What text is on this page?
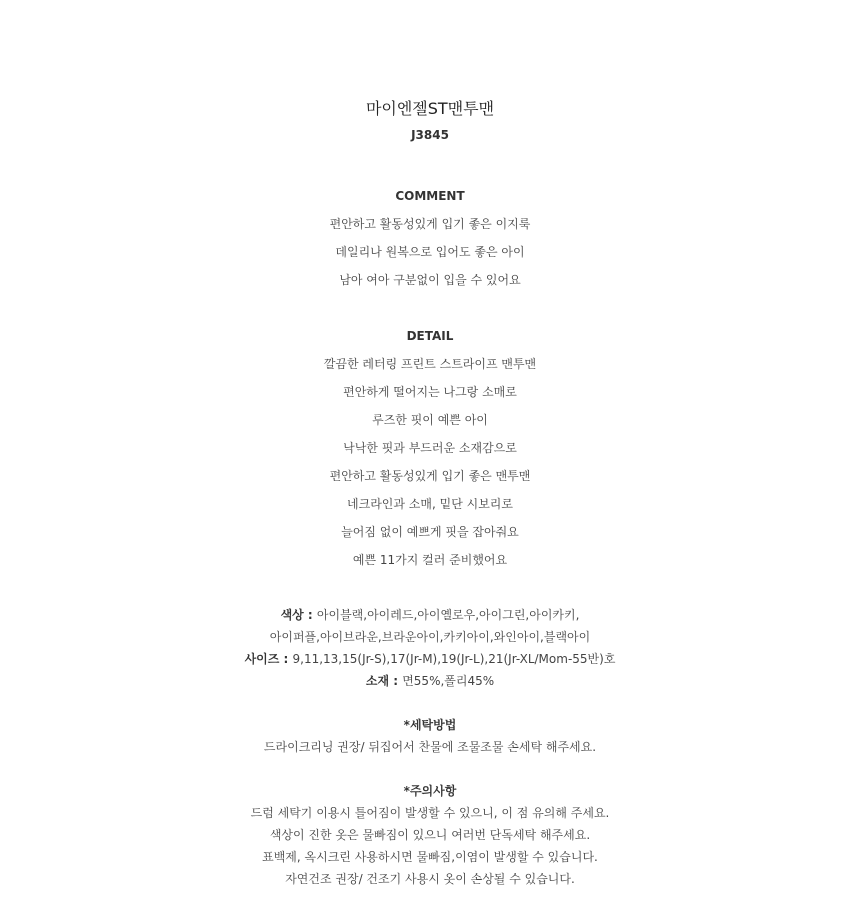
마이엔젤ST맨투맨
J3845
COMMENT
편안하고 활동성있게 입기 좋은 이지룩
데일리나 원복으로 입어도 좋은 아이
남아 여아 구분없이 입을 수 있어요
DETAIL
깔끔한 레터링 프린트 스트라이프 맨투맨
편안하게 떨어지는 나그랑 소매로
루즈한 핏이 예쁜 아이
낙낙한 핏과 부드러운 소재감으로
편안하고 활동성있게 입기 좋은 맨투맨
네크라인과 소매, 밑단 시보리로
늘어짐 없이 예쁘게 핏을 잡아줘요
예쁜 11가지 컬러 준비했어요
색상 : 아이블랙,아이레드,아이옐로우,아이그린,아이카키,
아이퍼플,아이브라운,브라운아이,카키아이,와인아이,블랙아이
사이즈 : 9,11,13,15(Jr-S),17(Jr-M),19(Jr-L),21(Jr-XL/Mom-55반)호
소재 : 면55%,폴리45%
*세탁방법
드라이크리닝 권장/ 뒤집어서 찬물에 조물조물 손세탁 해주세요.
*주의사항
드럼 세탁기 이용시 틀어짐이 발생할 수 있으니, 이 점 유의해 주세요.
색상이 진한 옷은 물빠짐이 있으니 여러번 단독세탁 해주세요.
표백제, 옥시크린 사용하시면 물빠짐,이염이 발생할 수 있습니다.
자연건조 권장/ 건조기 사용시 옷이 손상될 수 있습니다.
